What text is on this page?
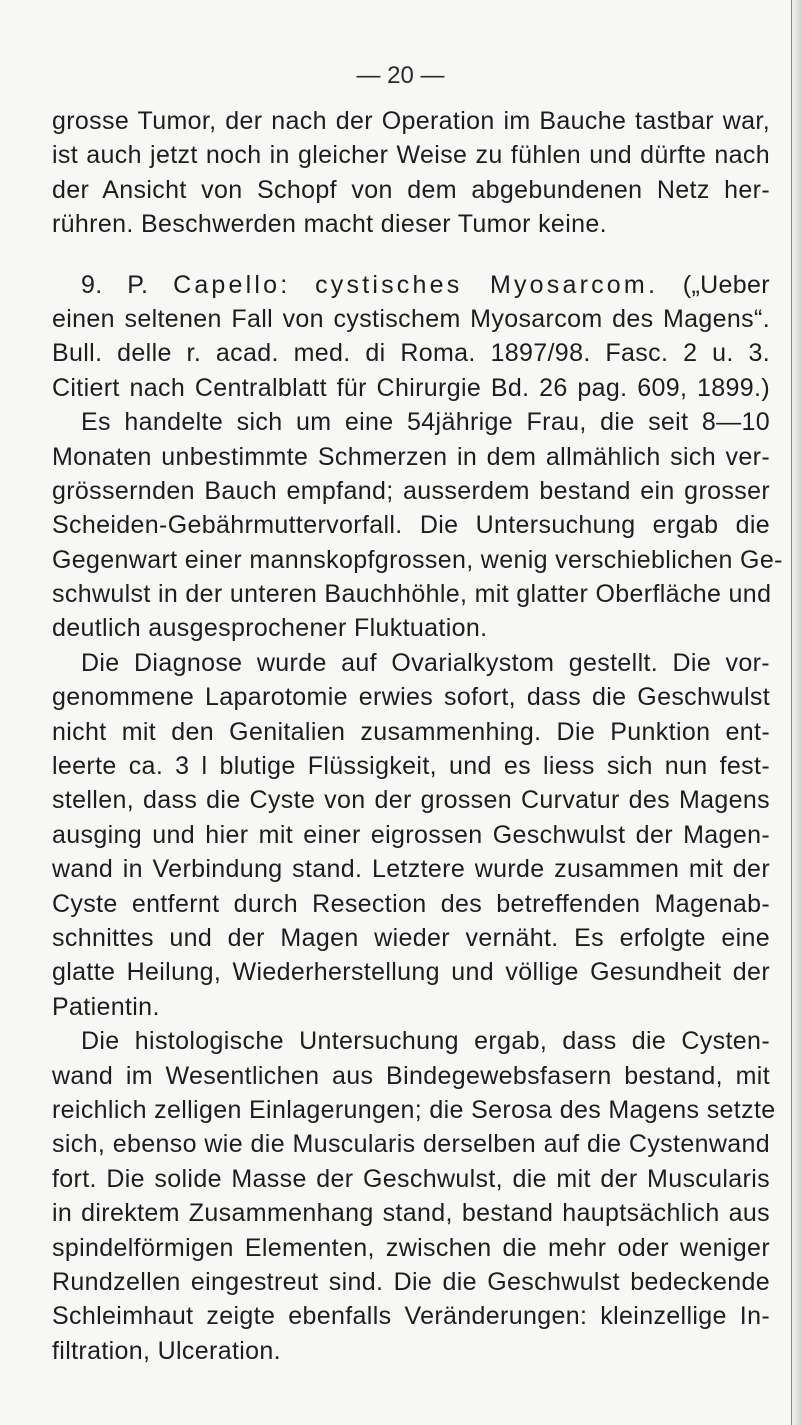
— 20 —
grosse Tumor, der nach der Operation im Bauche tastbar war,
ist auch jetzt noch in gleicher Weise zu fühlen und dürfte nach
der Ansicht von Schopf von dem abgebundenen Netz her-
rühren. Beschwerden macht dieser Tumor keine.
9. P. Capello: cystisches Myosarcom. („Ueber
einen seltenen Fall von cystischem Myosarcom des Magens“.
Bull. delle r. acad. med. di Roma. 1897/98. Fasc. 2 u. 3.
Citiert nach Centralblatt für Chirurgie Bd. 26 pag. 609, 1899.)
Es handelte sich um eine 54jährige Frau, die seit 8—10
Monaten unbestimmte Schmerzen in dem allmählich sich ver-
grössernden Bauch empfand; ausserdem bestand ein grosser
Scheiden-Gebährmuttervorfall. Die Untersuchung ergab die
Gegenwart einer mannskopfgrossen, wenig verschieblichen Ge-
schwulst in der unteren Bauchhöhle, mit glatter Oberfläche und
deutlich ausgesprochener Fluktuation.
Die Diagnose wurde auf Ovarialkystom gestellt. Die vor-
genommene Laparotomie erwies sofort, dass die Geschwulst
nicht mit den Genitalien zusammenhing. Die Punktion ent-
leerte ca. 3 l blutige Flüssigkeit, und es liess sich nun fest-
stellen, dass die Cyste von der grossen Curvatur des Magens
ausging und hier mit einer eigrossen Geschwulst der Magen-
wand in Verbindung stand. Letztere wurde zusammen mit der
Cyste entfernt durch Resection des betreffenden Magenab-
schnittes und der Magen wieder vernäht. Es erfolgte eine
glatte Heilung, Wiederherstellung und völlige Gesundheit der
Patientin.
Die histologische Untersuchung ergab, dass die Cysten-
wand im Wesentlichen aus Bindegewebsfasern bestand, mit
reichlich zelligen Einlagerungen; die Serosa des Magens setzte
sich, ebenso wie die Muscularis derselben auf die Cystenwand
fort. Die solide Masse der Geschwulst, die mit der Muscularis
in direktem Zusammenhang stand, bestand hauptsächlich aus
spindelförmigen Elementen, zwischen die mehr oder weniger
Rundzellen eingestreut sind. Die die Geschwulst bedeckende
Schleimhaut zeigte ebenfalls Veränderungen: kleinzellige In-
filtration, Ulceration.
